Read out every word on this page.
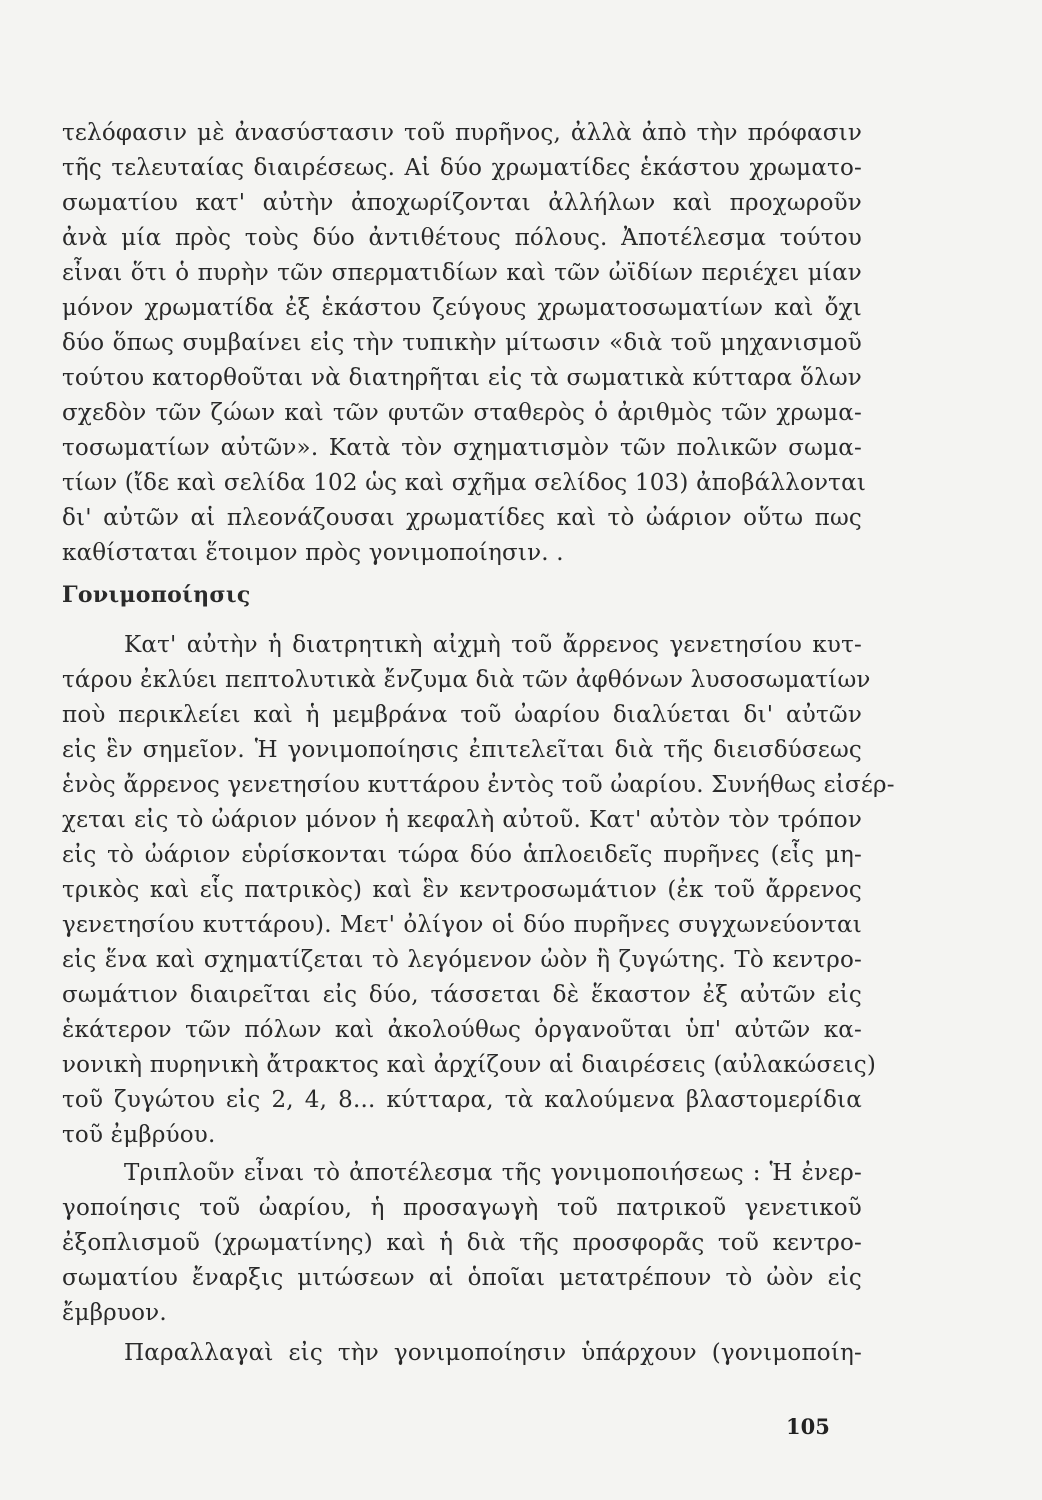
τελόφασιν μὲ ἀνασύστασιν τοῦ πυρῆνος, ἀλλὰ ἀπὸ τὴν πρόφασιν
τῆς τελευταίας διαιρέσεως. Αἱ δύο χρωματίδες ἑκάστου χρωματο-
σωματίου κατ' αὐτὴν ἀποχωρίζονται ἀλλήλων καὶ προχωροῦν
ἀνὰ μία πρὸς τοὺς δύο ἀντιθέτους πόλους. Ἀποτέλεσμα τούτου
εἶναι ὅτι ὁ πυρὴν τῶν σπερματιδίων καὶ τῶν ὠϊδίων περιέχει μίαν
μόνον χρωματίδα ἐξ ἑκάστου ζεύγους χρωματοσωματίων καὶ ὄχι
δύο ὅπως συμβαίνει εἰς τὴν τυπικὴν μίτωσιν «διὰ τοῦ μηχανισμοῦ
τούτου κατορθοῦται νὰ διατηρῆται εἰς τὰ σωματικὰ κύτταρα ὅλων
σχεδὸν τῶν ζώων καὶ τῶν φυτῶν σταθερὸς ὁ ἀριθμὸς τῶν χρωμα-
τοσωματίων αὐτῶν». Κατὰ τὸν σχηματισμὸν τῶν πολικῶν σωμα-
τίων (ἴδε καὶ σελίδα 102 ὡς καὶ σχῆμα σελίδος 103) ἀποβάλλονται
δι' αὐτῶν αἱ πλεονάζουσαι χρωματίδες καὶ τὸ ὠάριον οὕτω πως
καθίσταται ἕτοιμον πρὸς γονιμοποίησιν. .
Γονιμοποίησις
Κατ' αὐτὴν ἡ διατρητικὴ αἰχμὴ τοῦ ἄρρενος γενετησίου κυτ-
τάρου ἐκλύει πεπτολυτικὰ ἔνζυμα διὰ τῶν ἀφθόνων λυσοσωματίων
ποὺ περικλείει καὶ ἡ μεμβράνα τοῦ ὠαρίου διαλύεται δι' αὐτῶν
εἰς ἓν σημεῖον. Ἡ γονιμοποίησις ἐπιτελεῖται διὰ τῆς διεισδύσεως
ἑνὸς ἄρρενος γενετησίου κυττάρου ἐντὸς τοῦ ὠαρίου. Συνήθως εἰσέρ-
χεται εἰς τὸ ὠάριον μόνον ἡ κεφαλὴ αὐτοῦ. Κατ' αὐτὸν τὸν τρόπον
εἰς τὸ ὠάριον εὑρίσκονται τώρα δύο ἁπλοειδεῖς πυρῆνες (εἷς μη-
τρικὸς καὶ εἷς πατρικὸς) καὶ ἓν κεντροσωμάτιον (ἐκ τοῦ ἄρρενος
γενετησίου κυττάρου). Μετ' ὀλίγον οἱ δύο πυρῆνες συγχωνεύονται
εἰς ἕνα καὶ σχηματίζεται τὸ λεγόμενον ὠὸν ἢ ζυγώτης. Τὸ κεντρο-
σωμάτιον διαιρεῖται εἰς δύο, τάσσεται δὲ ἕκαστον ἐξ αὐτῶν εἰς
ἑκάτερον τῶν πόλων καὶ ἀκολούθως ὀργανοῦται ὑπ' αὐτῶν κα-
νονικὴ πυρηνικὴ ἄτρακτος καὶ ἀρχίζουν αἱ διαιρέσεις (αὐλακώσεις)
τοῦ ζυγώτου εἰς 2, 4, 8... κύτταρα, τὰ καλούμενα βλαστομερίδια
τοῦ ἐμβρύου.
Τριπλοῦν εἶναι τὸ ἀποτέλεσμα τῆς γονιμοποιήσεως : Ἡ ἐνερ-
γοποίησις τοῦ ὠαρίου, ἡ προσαγωγὴ τοῦ πατρικοῦ γενετικοῦ
ἐξοπλισμοῦ (χρωματίνης) καὶ ἡ διὰ τῆς προσφορᾶς τοῦ κεντρο-
σωματίου ἔναρξις μιτώσεων αἱ ὁποῖαι μετατρέπουν τὸ ὠὸν εἰς
ἔμβρυον.
Παραλλαγαὶ εἰς τὴν γονιμοποίησιν ὑπάρχουν (γονιμοποίη-
105
